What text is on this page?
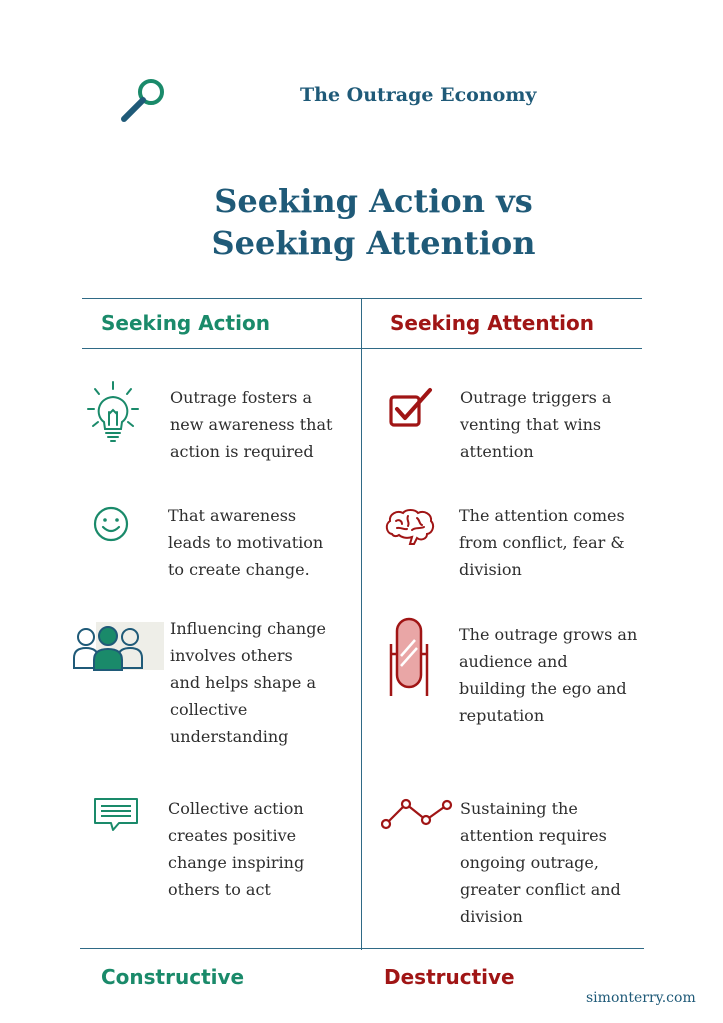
The Outrage Economy
Seeking Action vs
Seeking Attention
Seeking Action	Seeking Attention
Outrage fosters a
new awareness that
action is required
That awareness
leads to motivation
to create change.
Influencing change
involves others
and helps shape a
collective
understanding
Collective action
creates positive
change inspiring
others to act
Outrage triggers a
venting that wins
attention
The attention comes
from conflict, fear &
division
The outrage grows an
audience and
building the ego and
reputation
Sustaining the
attention requires
ongoing outrage,
greater conflict and
division
Constructive	Destructive
simonterry.com
